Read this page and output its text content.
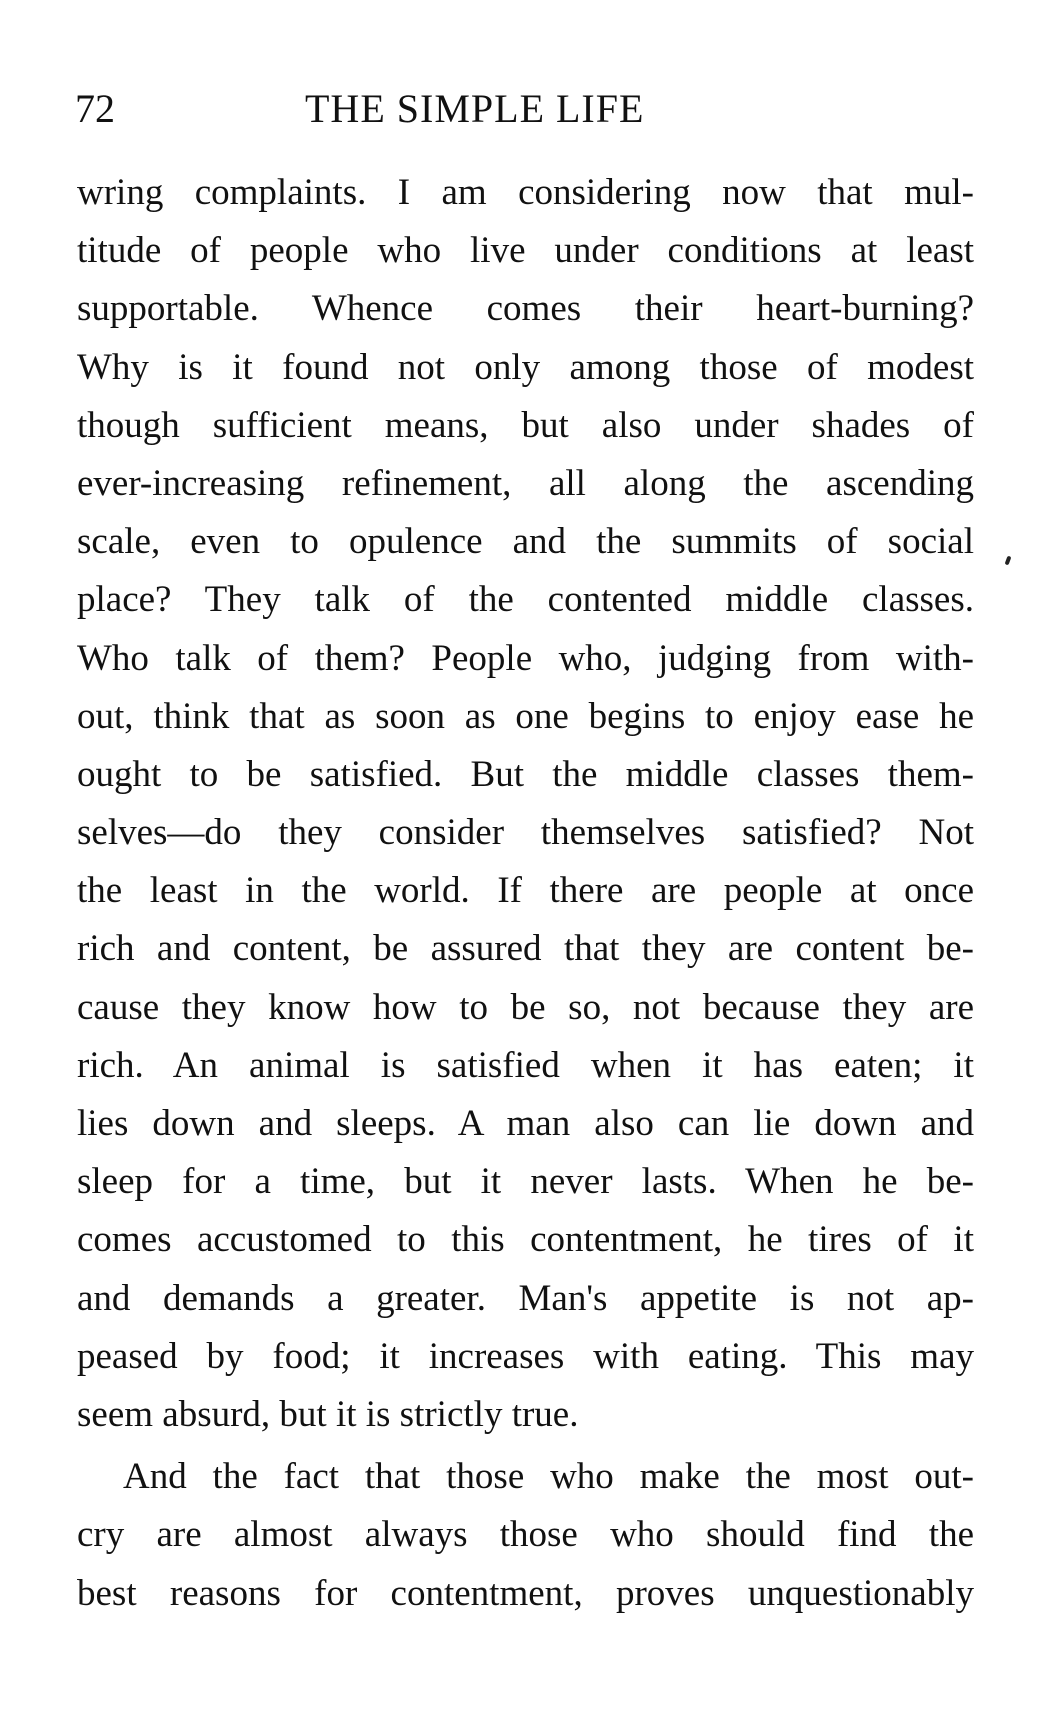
72	THE SIMPLE LIFE
wring complaints. I am considering now that mul-
titude of people who live under conditions at least
supportable. Whence comes their heart-burning?
Why is it found not only among those of modest
though sufficient means, but also under shades of
ever-increasing refinement, all along the ascending
scale, even to opulence and the summits of social
place? They talk of the contented middle classes.
Who talk of them? People who, judging from with-
out, think that as soon as one begins to enjoy ease he
ought to be satisfied. But the middle classes them-
selves—do they consider themselves satisfied? Not
the least in the world. If there are people at once
rich and content, be assured that they are content be-
cause they know how to be so, not because they are
rich. An animal is satisfied when it has eaten; it
lies down and sleeps. A man also can lie down and
sleep for a time, but it never lasts. When he be-
comes accustomed to this contentment, he tires of it
and demands a greater. Man's appetite is not ap-
peased by food; it increases with eating. This may
seem absurd, but it is strictly true.
And the fact that those who make the most out-
cry are almost always those who should find the
best reasons for contentment, proves unquestionably
